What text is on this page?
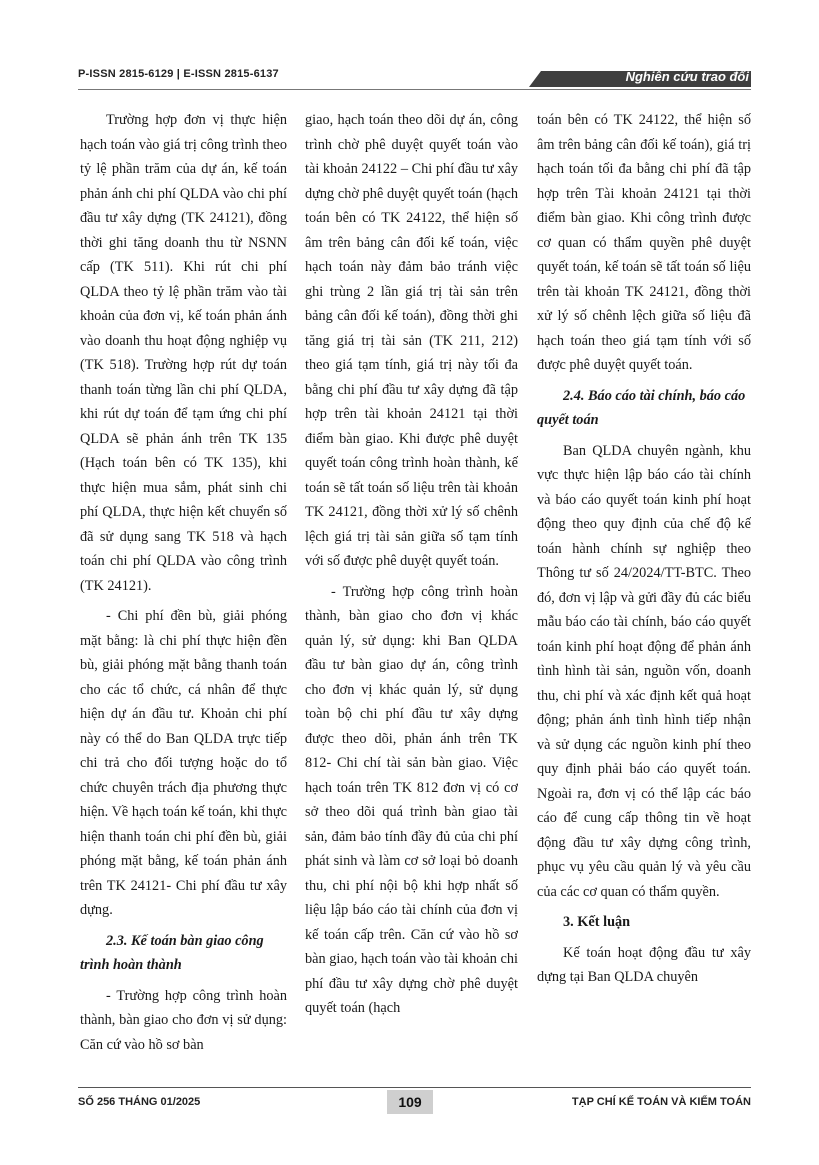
P-ISSN 2815-6129 | E-ISSN 2815-6137	Nghiên cứu trao đổi

Trường hợp đơn vị thực hiện hạch toán vào giá trị công trình theo tỷ lệ phần trăm của dự án, kế toán phản ánh chi phí QLDA vào chi phí đầu tư xây dựng (TK 24121), đồng thời ghi tăng doanh thu từ NSNN cấp (TK 511). Khi rút chi phí QLDA theo tỷ lệ phần trăm vào tài khoản của đơn vị, kế toán phản ánh vào doanh thu hoạt động nghiệp vụ (TK 518). Trường hợp rút dự toán thanh toán từng lần chi phí QLDA, khi rút dự toán để tạm ứng chi phí QLDA sẽ phản ánh trên TK 135 (Hạch toán bên có TK 135), khi thực hiện mua sắm, phát sinh chi phí QLDA, thực hiện kết chuyển số đã sử dụng sang TK 518 và hạch toán chi phí QLDA vào công trình (TK 24121).

- Chi phí đền bù, giải phóng mặt bằng: là chi phí thực hiện đền bù, giải phóng mặt bằng thanh toán cho các tổ chức, cá nhân để thực hiện dự án đầu tư. Khoản chi phí này có thể do Ban QLDA trực tiếp chi trả cho đối tượng hoặc do tổ chức chuyên trách địa phương thực hiện. Về hạch toán kế toán, khi thực hiện thanh toán chi phí đền bù, giải phóng mặt bằng, kế toán phản ánh trên TK 24121- Chi phí đầu tư xây dựng.

2.3. Kế toán bàn giao công trình hoàn thành

- Trường hợp công trình hoàn thành, bàn giao cho đơn vị sử dụng: Căn cứ vào hồ sơ bàn

giao, hạch toán theo dõi dự án, công trình chờ phê duyệt quyết toán vào tài khoản 24122 – Chi phí đầu tư xây dựng chờ phê duyệt quyết toán (hạch toán bên có TK 24122, thể hiện số âm trên bảng cân đối kế toán, việc hạch toán này đảm bảo tránh việc ghi trùng 2 lần giá trị tài sản trên bảng cân đối kế toán), đồng thời ghi tăng giá trị tài sản (TK 211, 212) theo giá tạm tính, giá trị này tối đa bằng chi phí đầu tư xây dựng đã tập hợp trên tài khoản 24121 tại thời điểm bàn giao. Khi được phê duyệt quyết toán công trình hoàn thành, kế toán sẽ tất toán số liệu trên tài khoản TK 24121, đồng thời xử lý số chênh lệch giá trị tài sản giữa số tạm tính với số được phê duyệt quyết toán.

- Trường hợp công trình hoàn thành, bàn giao cho đơn vị khác quản lý, sử dụng: khi Ban QLDA đầu tư bàn giao dự án, công trình cho đơn vị khác quản lý, sử dụng toàn bộ chi phí đầu tư xây dựng được theo dõi, phản ánh trên TK 812- Chi chí tài sản bàn giao. Việc hạch toán trên TK 812 đơn vị có cơ sở theo dõi quá trình bàn giao tài sản, đảm bảo tính đầy đủ của chi phí phát sinh và làm cơ sở loại bỏ doanh thu, chi phí nội bộ khi hợp nhất số liệu lập báo cáo tài chính của đơn vị kế toán cấp trên. Căn cứ vào hồ sơ bàn giao, hạch toán vào tài khoản chi phí đầu tư xây dựng chờ phê duyệt quyết toán (hạch

toán bên có TK 24122, thể hiện số âm trên bảng cân đối kế toán), giá trị hạch toán tối đa bằng chi phí đã tập hợp trên Tài khoản 24121 tại thời điểm bàn giao. Khi công trình được cơ quan có thẩm quyền phê duyệt quyết toán, kế toán sẽ tất toán số liệu trên tài khoản TK 24121, đồng thời xử lý số chênh lệch giữa số liệu đã hạch toán theo giá tạm tính với số được phê duyệt quyết toán.

2.4. Báo cáo tài chính, báo cáo quyết toán

Ban QLDA chuyên ngành, khu vực thực hiện lập báo cáo tài chính và báo cáo quyết toán kinh phí hoạt động theo quy định của chế độ kế toán hành chính sự nghiệp theo Thông tư số 24/2024/TT-BTC. Theo đó, đơn vị lập và gửi đầy đủ các biểu mẫu báo cáo tài chính, báo cáo quyết toán kinh phí hoạt động để phản ánh tình hình tài sản, nguồn vốn, doanh thu, chi phí và xác định kết quả hoạt động; phản ánh tình hình tiếp nhận và sử dụng các nguồn kinh phí theo quy định phải báo cáo quyết toán. Ngoài ra, đơn vị có thể lập các báo cáo để cung cấp thông tin về hoạt động đầu tư xây dựng công trình, phục vụ yêu cầu quản lý và yêu cầu của các cơ quan có thẩm quyền.

3. Kết luận

Kế toán hoạt động đầu tư xây dựng tại Ban QLDA chuyên

SỐ 256 THÁNG 01/2025	109	TẠP CHÍ KẾ TOÁN VÀ KIỂM TOÁN
